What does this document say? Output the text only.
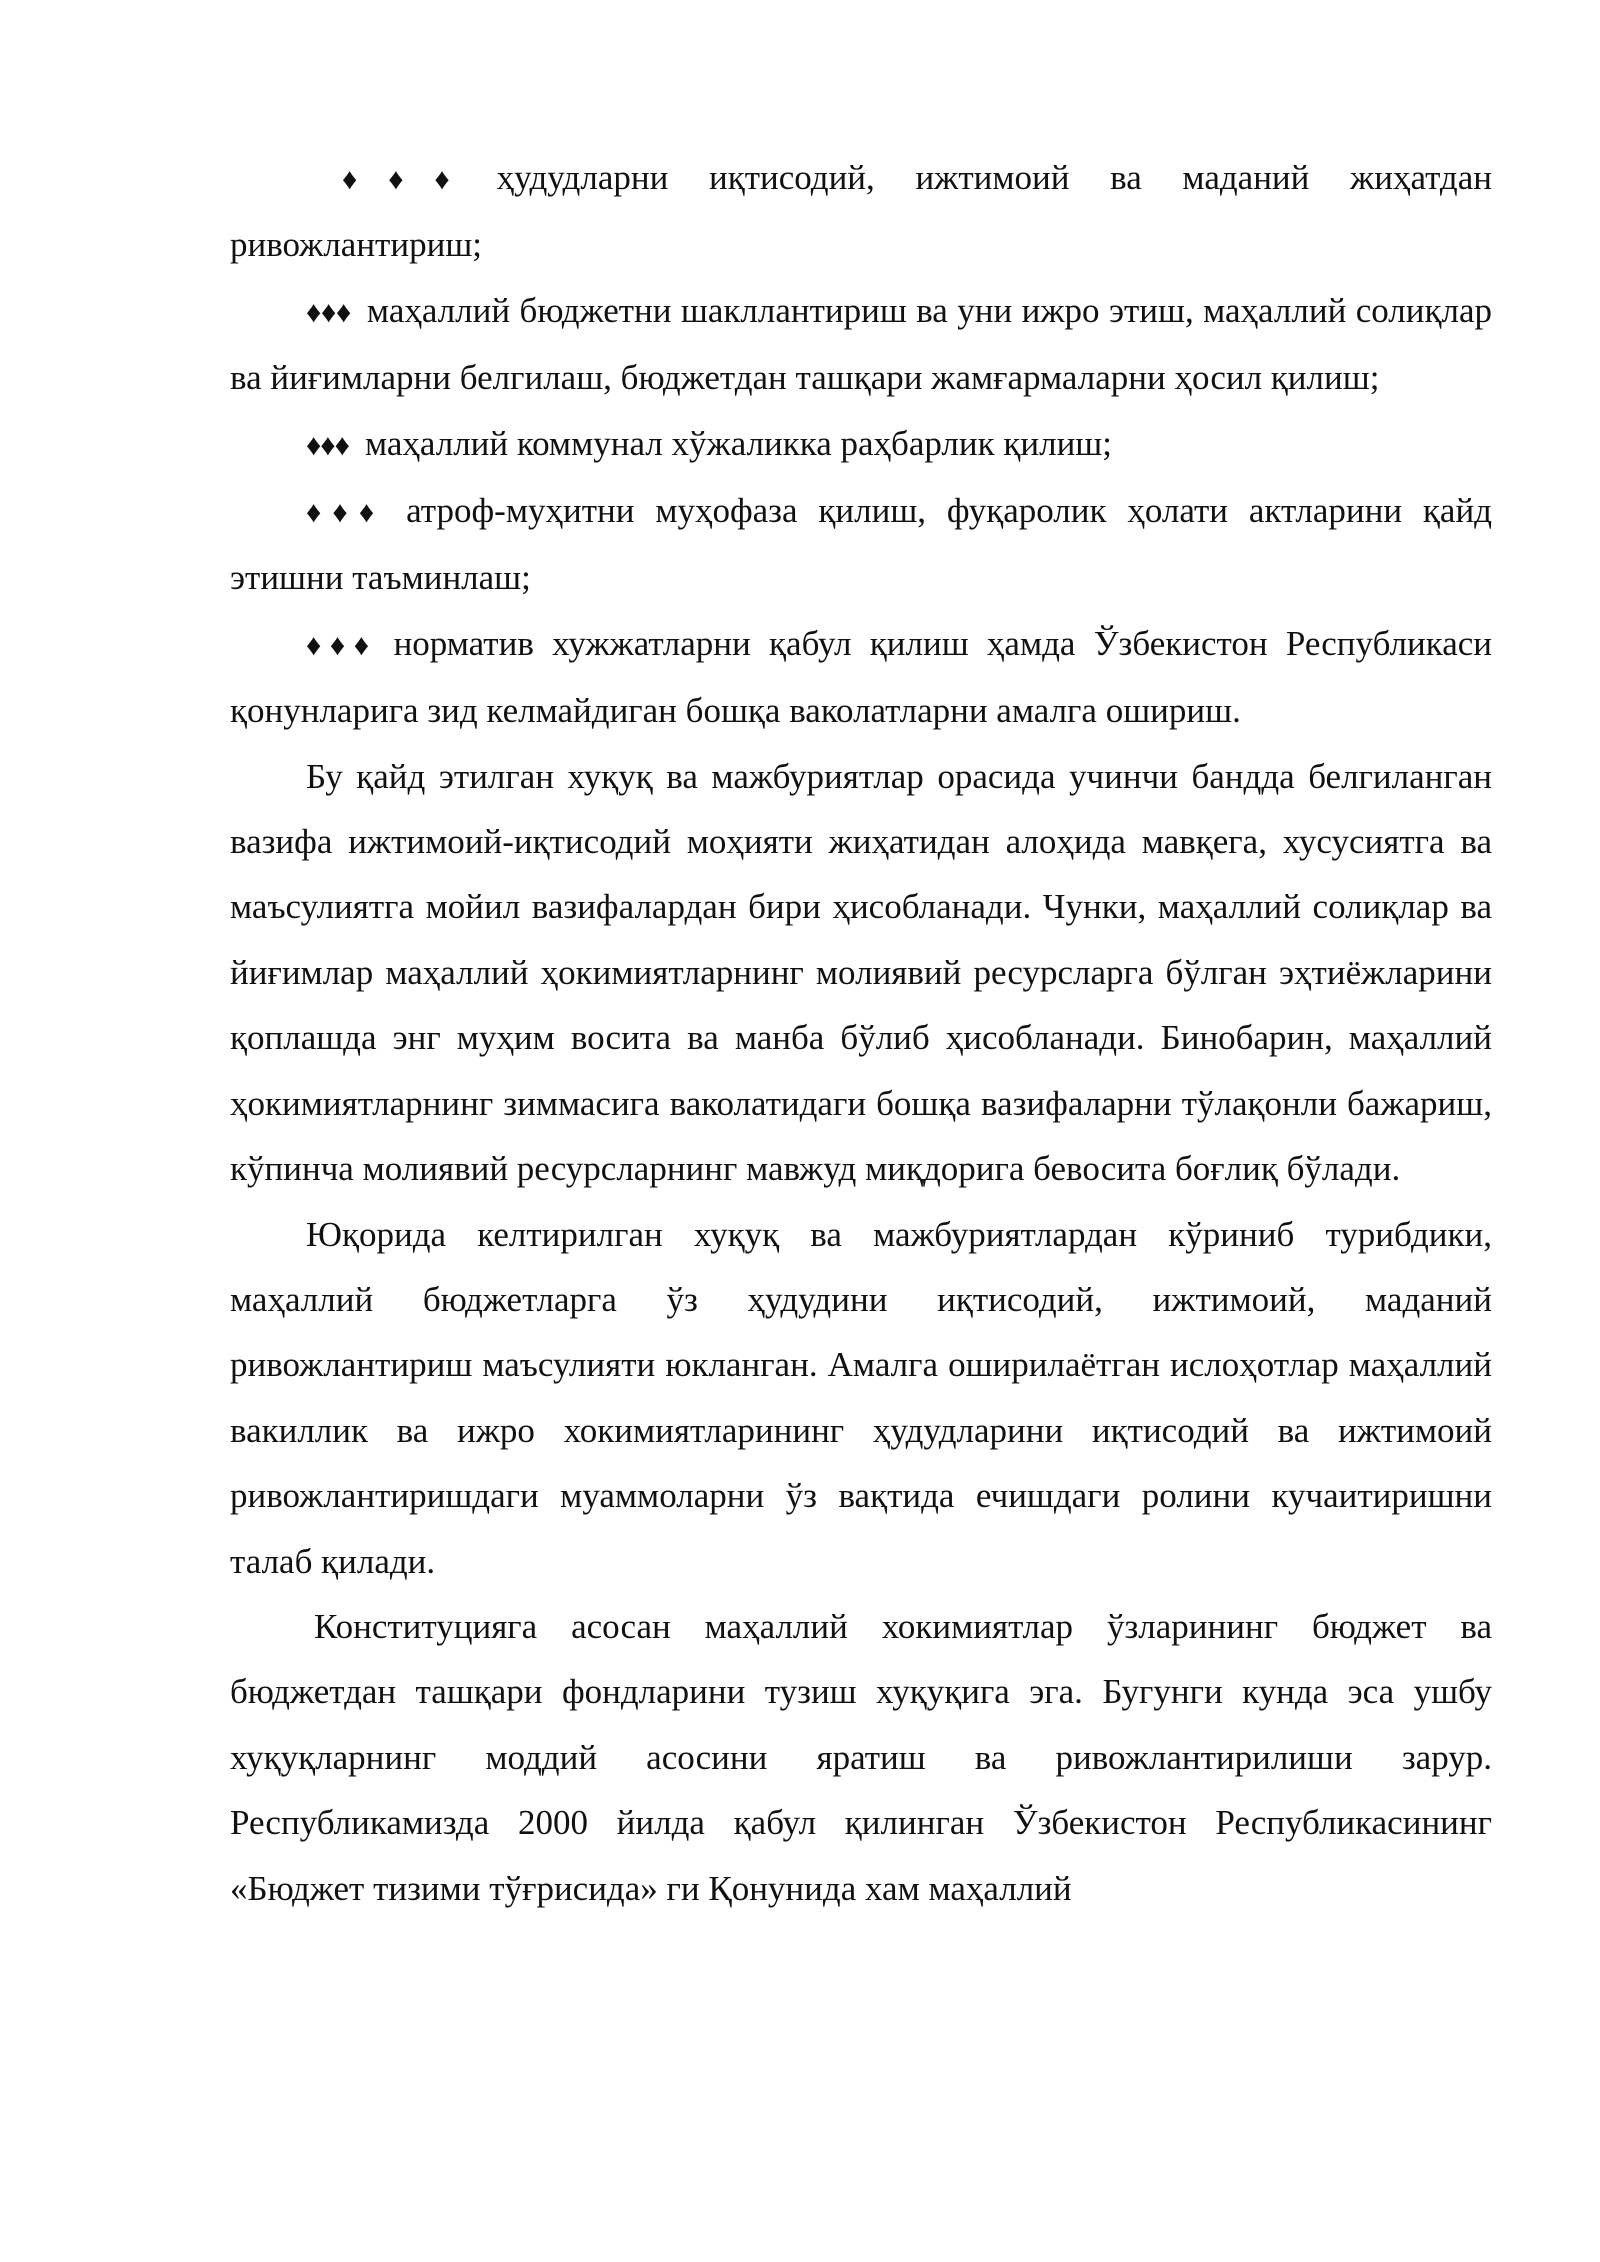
♦♦♦ ҳудудларни иқтисодий, ижтимоий ва маданий жиҳатдан ривожлантириш;

♦♦♦ маҳаллий бюджетни шакллантириш ва уни ижро этиш, маҳаллий солиқлар ва йиғимларни белгилаш, бюджетдан ташқари жамғармаларни ҳосил қилиш;

♦♦♦ маҳаллий коммунал хўжаликка раҳбарлик қилиш;

♦♦♦ атроф-муҳитни муҳофаза қилиш, фуқаролик ҳолати актларини қайд этишни таъминлаш;

♦♦♦ норматив хужжатларни қабул қилиш ҳамда Ўзбекистон Республикаси қонунларига зид келмайдиган бошқа ваколатларни амалга ошириш.

Бу қайд этилган хуқуқ ва мажбуриятлар орасида учинчи бандда белгиланган вазифа ижтимоий-иқтисодий моҳияти жиҳатидан алоҳида мавқега, хусусиятга ва маъсулиятга мойил вазифалардан бири ҳисобланади. Чунки, маҳаллий солиқлар ва йиғимлар маҳаллий ҳокимиятларнинг молиявий ресурсларга бўлган эҳтиёжларини қоплашда энг муҳим восита ва манба бўлиб ҳисобланади. Бинобарин, маҳаллий ҳокимиятларнинг зиммасига ваколатидаги бошқа вазифаларни тўлақонли бажариш, кўпинча молиявий ресурсларнинг мавжуд миқдорига бевосита боғлиқ бўлади.

Юқорида келтирилган хуқуқ ва мажбуриятлардан кўриниб турибдики, маҳаллий бюджетларга ўз ҳудудини иқтисодий, ижтимоий, маданий ривожлантириш маъсулияти юкланган. Амалга оширилаётган ислоҳотлар маҳаллий вакиллик ва ижро хокимиятларининг ҳудудларини иқтисодий ва ижтимоий ривожлантиришдаги муаммоларни ўз вақтида ечишдаги ролини кучаитиришни талаб қилади.

Конституцияга асосан маҳаллий хокимиятлар ўзларининг бюджет ва бюджетдан ташқари фондларини тузиш хуқуқига эга. Бугунги кунда эса ушбу хуқуқларнинг моддий асосини яратиш ва ривожлантирилиши зарур. Республикамизда 2000 йилда қабул қилинган Ўзбекистон Республикасининг «Бюджет тизими тўғрисида» ги Қонунида хам маҳаллий
